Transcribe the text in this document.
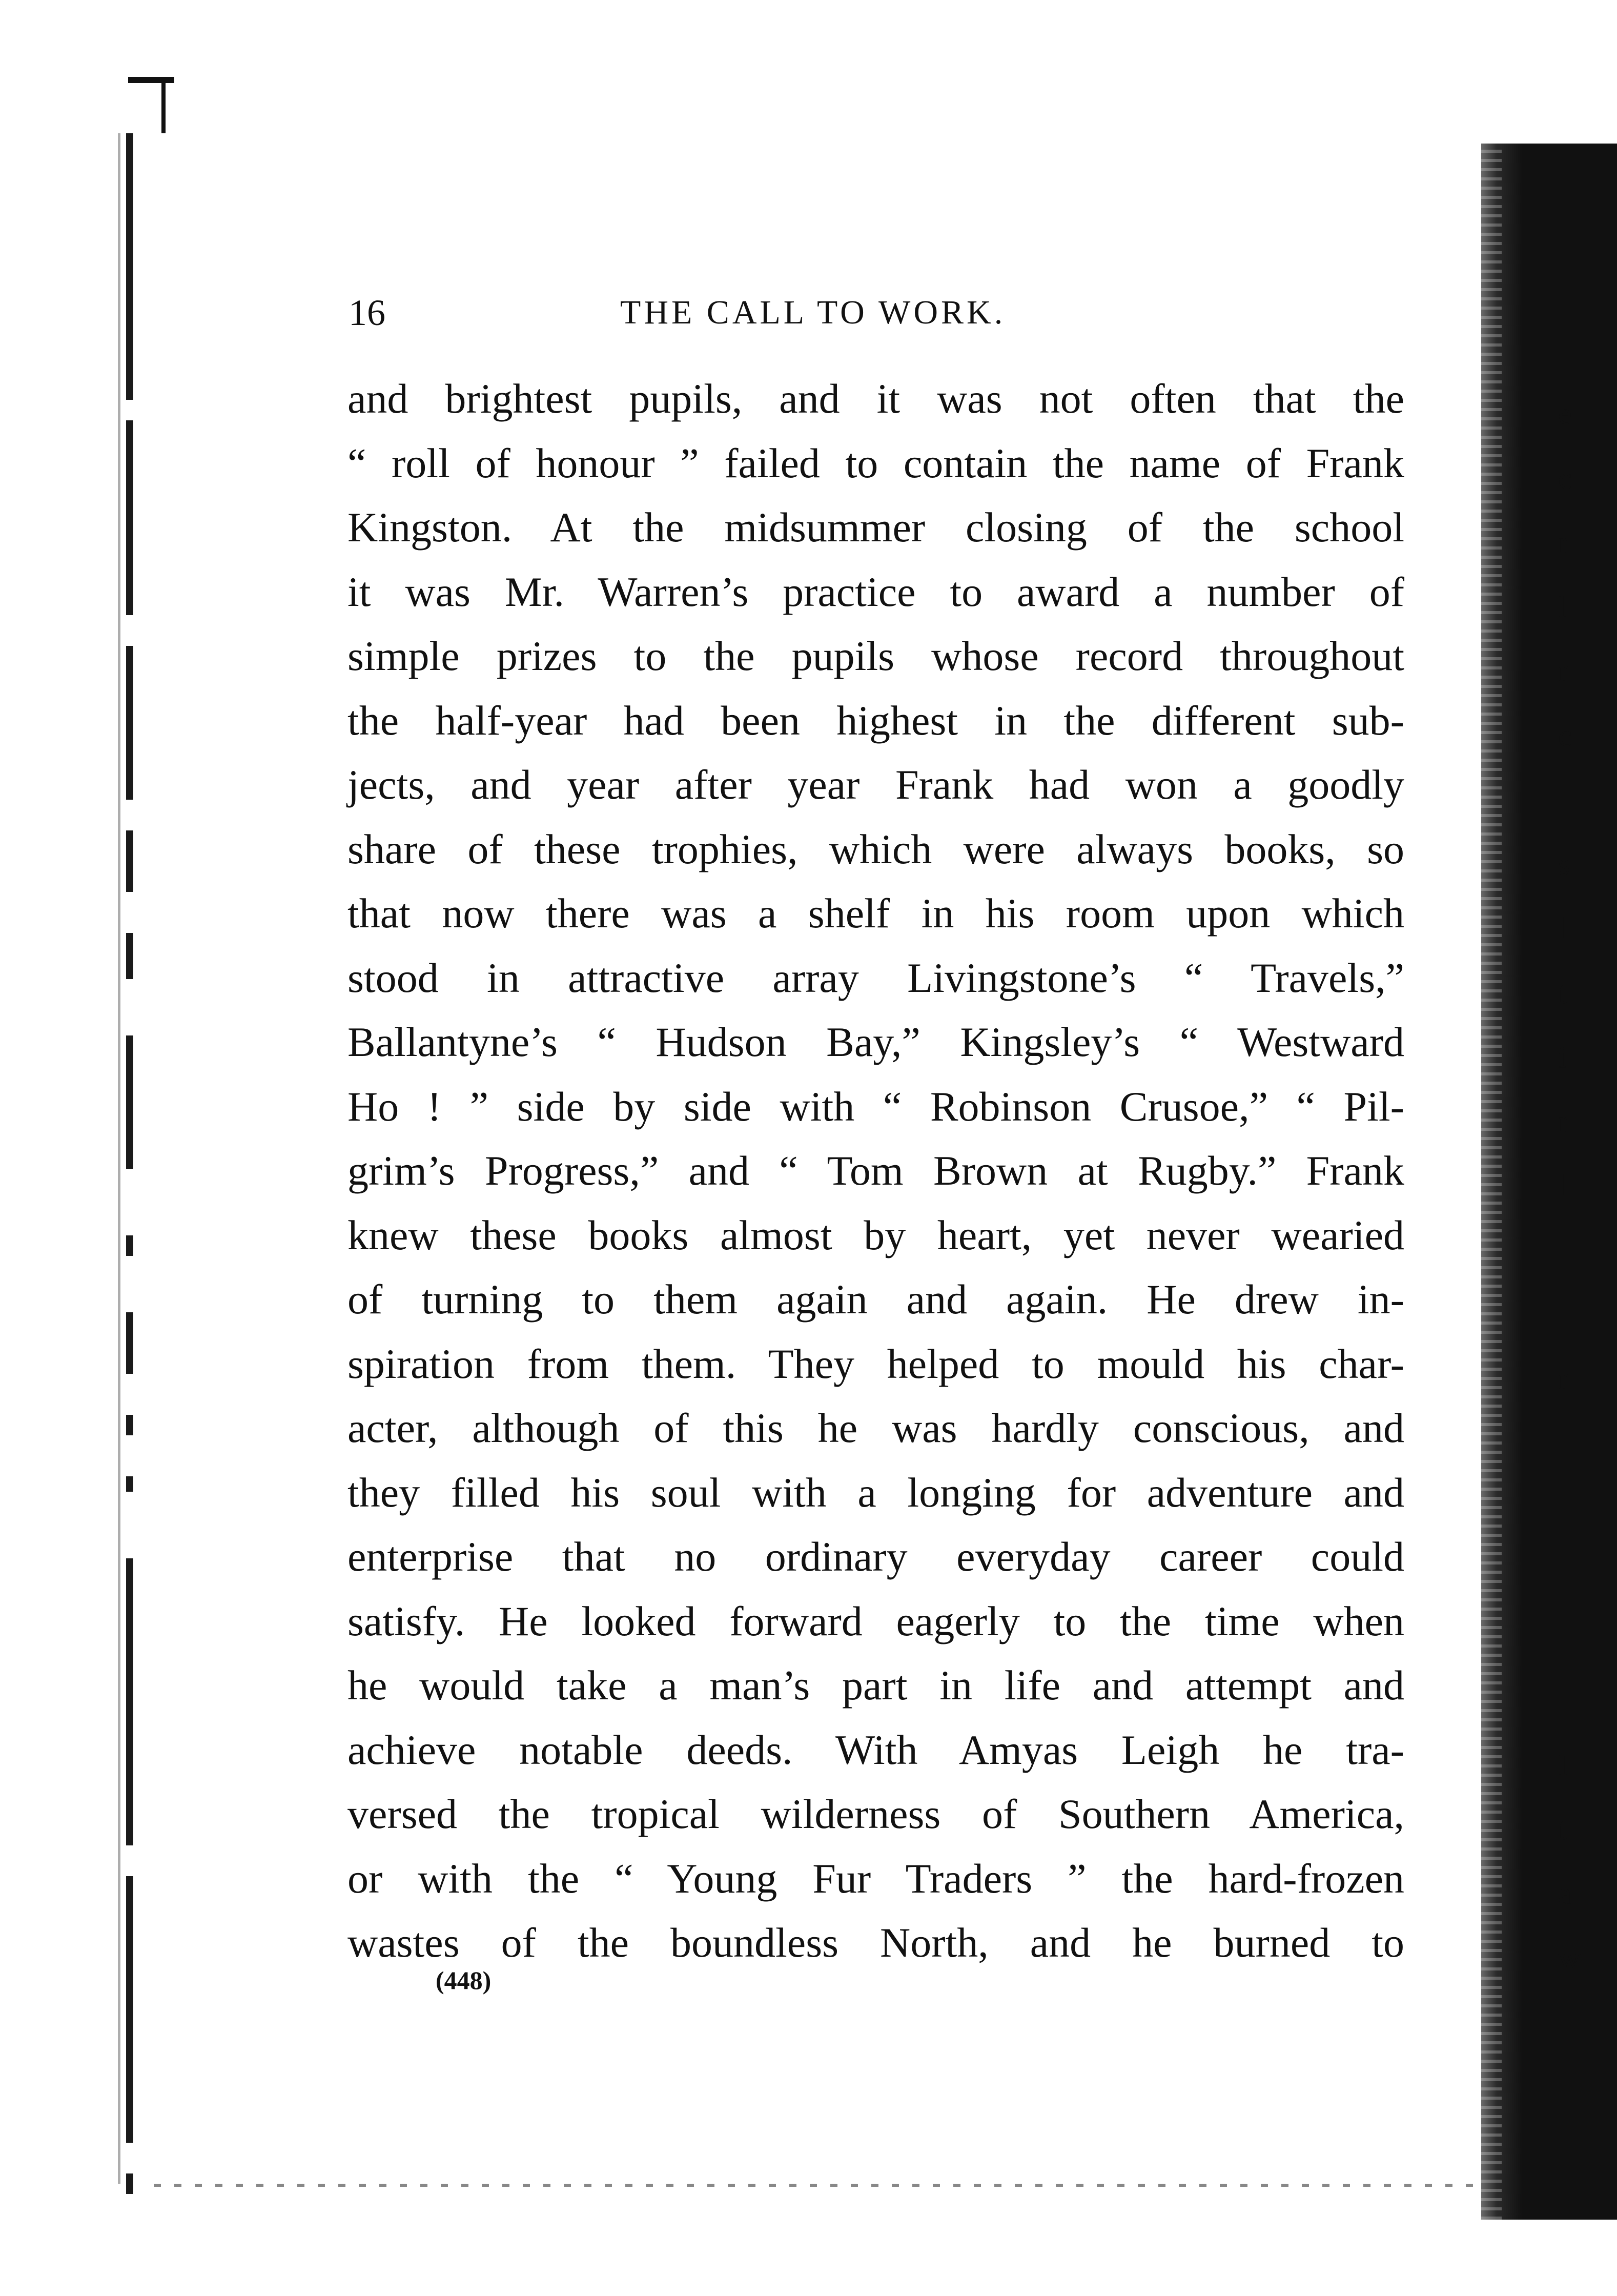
e
c
r
l
r
c
s
l
t
i
r
l
r
I
t
a
w
16	THE CALL TO WORK.
and brightest pupils, and it was not often that the
“ roll of honour ” failed to contain the name of Frank
Kingston. At the midsummer closing of the school
it was Mr. Warren’s practice to award a number of
simple prizes to the pupils whose record throughout
the half-year had been highest in the different sub-
jects, and year after year Frank had won a goodly
share of these trophies, which were always books, so
that now there was a shelf in his room upon which
stood in attractive array Livingstone’s “ Travels,”
Ballantyne’s “ Hudson Bay,” Kingsley’s “ Westward
Ho ! ” side by side with “ Robinson Crusoe,” “ Pil-
grim’s Progress,” and “ Tom Brown at Rugby.” Frank
knew these books almost by heart, yet never wearied
of turning to them again and again. He drew in-
spiration from them. They helped to mould his char-
acter, although of this he was hardly conscious, and
they filled his soul with a longing for adventure and
enterprise that no ordinary everyday career could
satisfy. He looked forward eagerly to the time when
he would take a man’s part in life and attempt and
achieve notable deeds. With Amyas Leigh he tra-
versed the tropical wilderness of Southern America,
or with the “ Young Fur Traders ” the hard-frozen
wastes of the boundless North, and he burned to
(448)
